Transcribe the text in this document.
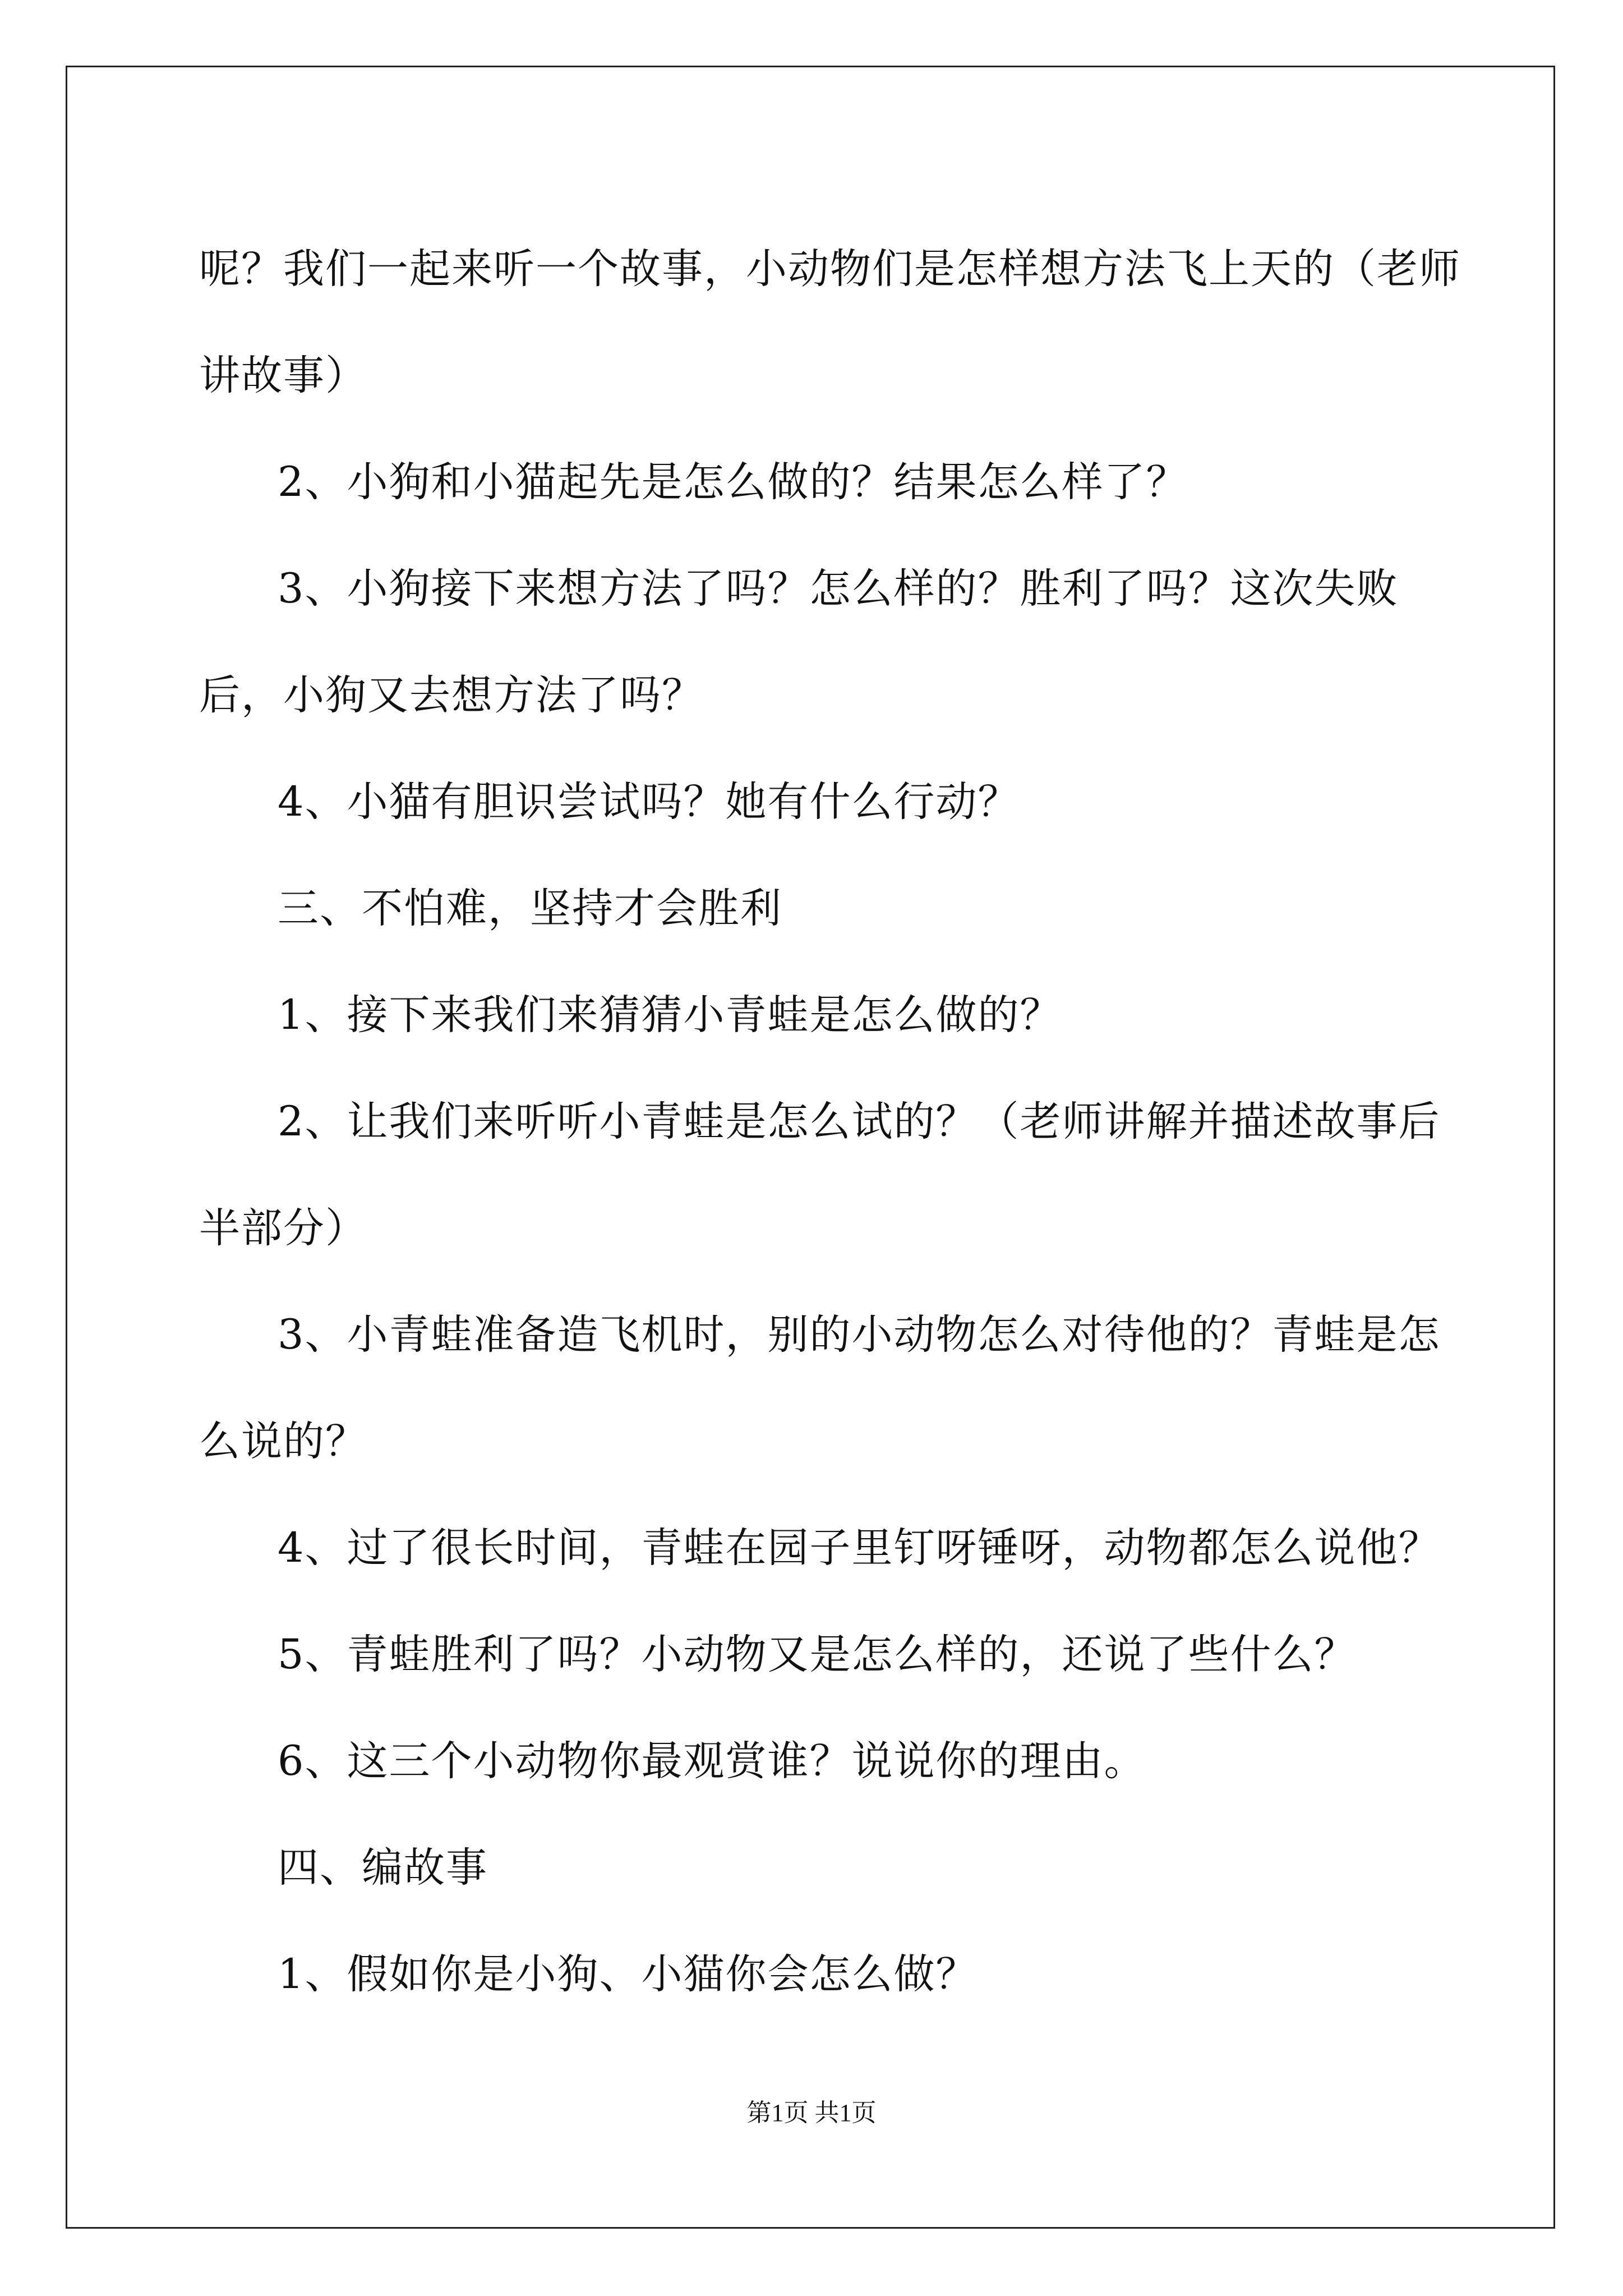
呢？我们一起来听一个故事，小动物们是怎样想方法飞上天的（老师讲故事）

2、小狗和小猫起先是怎么做的？结果怎么样了？

3、小狗接下来想方法了吗？怎么样的？胜利了吗？这次失败后，小狗又去想方法了吗？

4、小猫有胆识尝试吗？她有什么行动？

三、不怕难，坚持才会胜利

1、接下来我们来猜猜小青蛙是怎么做的？

2、让我们来听听小青蛙是怎么试的？（老师讲解并描述故事后半部分）

3、小青蛙准备造飞机时，别的小动物怎么对待他的？青蛙是怎么说的？

4、过了很长时间，青蛙在园子里钉呀锤呀，动物都怎么说他？

5、青蛙胜利了吗？小动物又是怎么样的，还说了些什么？

6、这三个小动物你最观赏谁？说说你的理由。

四、编故事

1、假如你是小狗、小猫你会怎么做？

第1页 共1页
